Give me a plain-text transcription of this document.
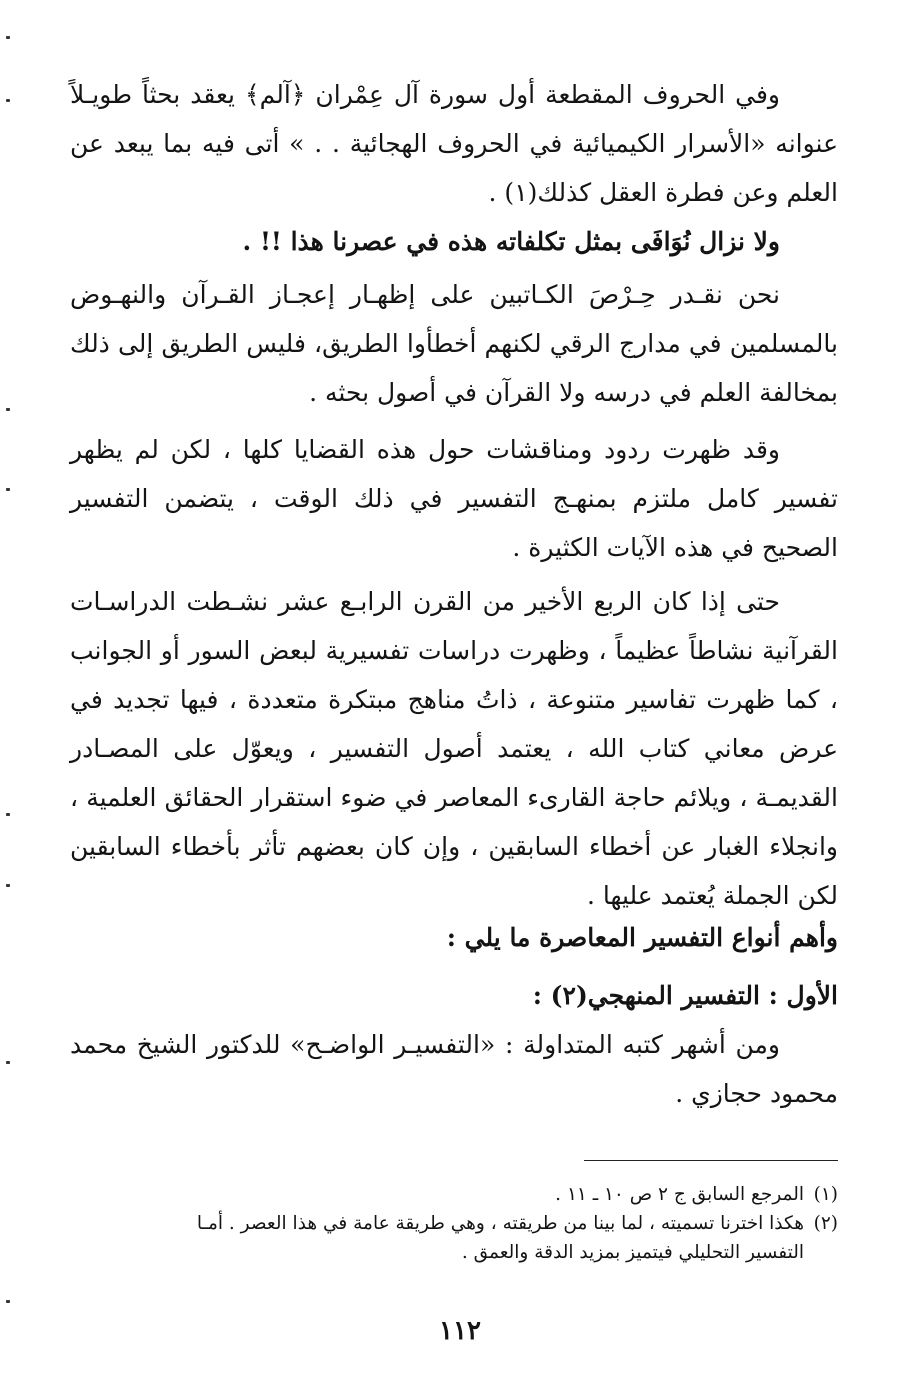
وفي الحروف المقطعة أول سورة آل عِمْران ﴿آلم﴾ يعقد بحثاً طويـلاً عنوانه «الأسرار الكيميائية في الحروف الهجائية . . » أتى فيه بما يبعد عن العلم وعن فطرة العقل كذلك(١) .

ولا نزال نُوَافَى بمثل تكلفاته هذه في عصرنا هذا !! .

نحن نقـدر حِـرْصَ الكـاتبين على إظهـار إعجـاز القـرآن والنهـوض بالمسلمين في مدارج الرقي لكنهم أخطأوا الطريق، فليس الطريق إلى ذلك بمخالفة العلم في درسه ولا القرآن في أصول بحثه .

وقد ظهرت ردود ومناقشات حول هذه القضايا كلها ، لكن لم يظهر تفسير كامل ملتزم بمنهـج التفسير في ذلك الوقت ، يتضمن التفسير الصحيح في هذه الآيات الكثيرة .

حتى إذا كان الربع الأخير من القرن الرابـع عشر نشـطت الدراسـات القرآنية نشاطاً عظيماً ، وظهرت دراسات تفسيرية لبعض السور أو الجوانب ، كما ظهرت تفاسير متنوعة ، ذاتُ مناهج مبتكرة متعددة ، فيها تجديد في عرض معاني كتاب الله ، يعتمد أصول التفسير ، ويعوّل على المصـادر القديمـة ، ويلائم حاجة القارىء المعاصر في ضوء استقرار الحقائق العلمية ، وانجلاء الغبار عن أخطاء السابقين ، وإن كان بعضهم تأثر بأخطاء السابقين لكن الجملة يُعتمد عليها .

وأهم أنواع التفسير المعاصرة ما يلي :

الأول : التفسير المنهجي(٢) :

ومن أشهر كتبه المتداولة : «التفسيـر الواضـح» للدكتور الشيخ محمد محمود حجازي .

(١)المرجع السابق ج ٢ ص ١٠ ـ ١١ .

(٢)هكذا اخترنا تسميته ، لما بينا من طريقته ، وهي طريقة عامة في هذا العصر . أمـا

التفسير التحليلي فيتميز بمزيد الدقة والعمق .

١١٢
